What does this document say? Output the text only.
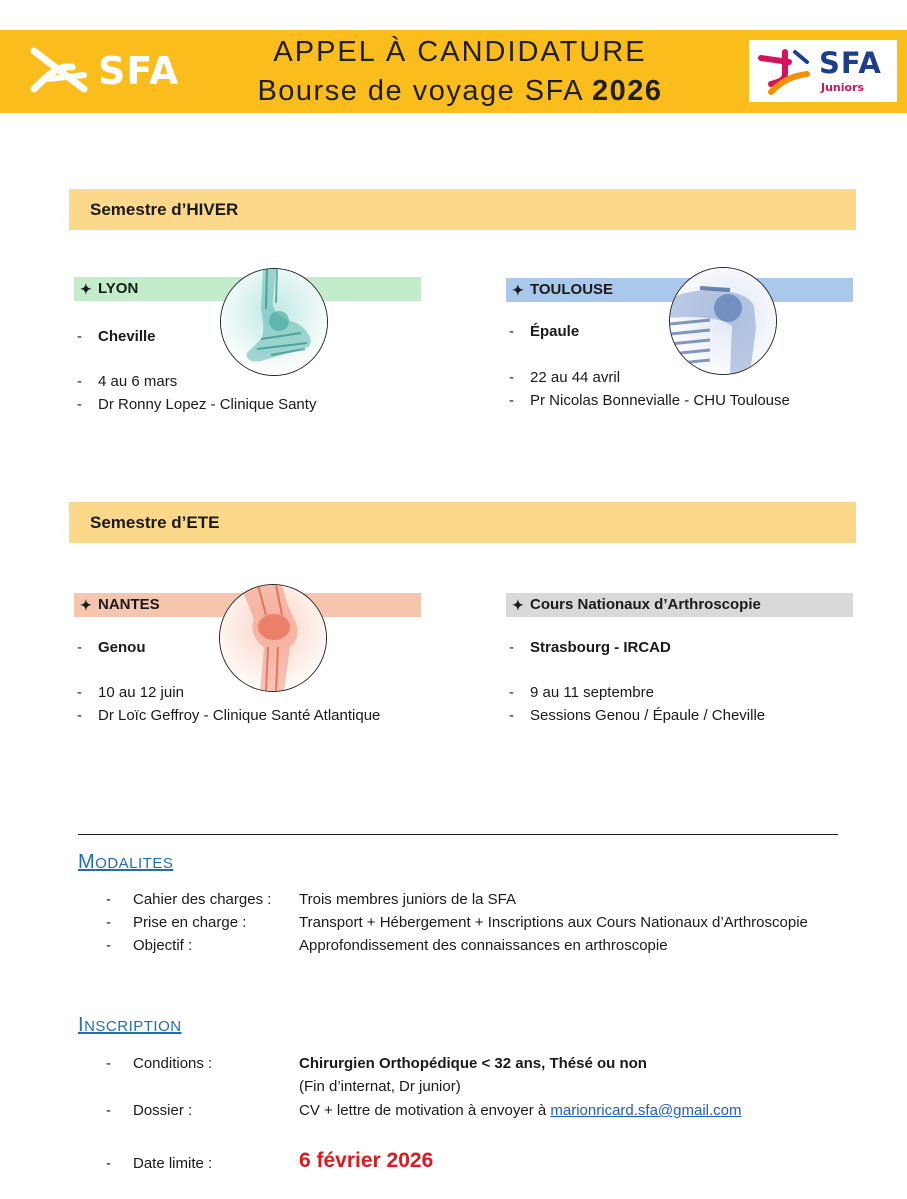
SFA	APPEL À CANDIDATURE
Bourse de voyage SFA 2026
SFA
Juniors
Semestre d’HIVER
✦ LYON
- Cheville
- 4 au 6 mars
- Dr Ronny Lopez - Clinique Santy
✦ TOULOUSE
- Épaule
- 22 au 44 avril
- Pr Nicolas Bonnevialle - CHU Toulouse
Semestre d’ETE
✦ NANTES
- Genou
- 10 au 12 juin
- Dr Loïc Geffroy - Clinique Santé Atlantique
✦ Cours Nationaux d’Arthroscopie
- Strasbourg - IRCAD
- 9 au 11 septembre
- Sessions Genou / Épaule / Cheville
MODALITES
- Cahier des charges : Trois membres juniors de la SFA
- Prise en charge :	Transport + Hébergement + Inscriptions aux Cours Nationaux d’Arthroscopie
- Objectif :	Approfondissement des connaissances en arthroscopie
INSCRIPTION
- Conditions :	Chirurgien Orthopédique < 32 ans, Thésé ou non
(Fin d’internat, Dr junior)
- Dossier :	CV + lettre de motivation à envoyer à marionricard.sfa@gmail.com
- Date limite :	6 février 2026
